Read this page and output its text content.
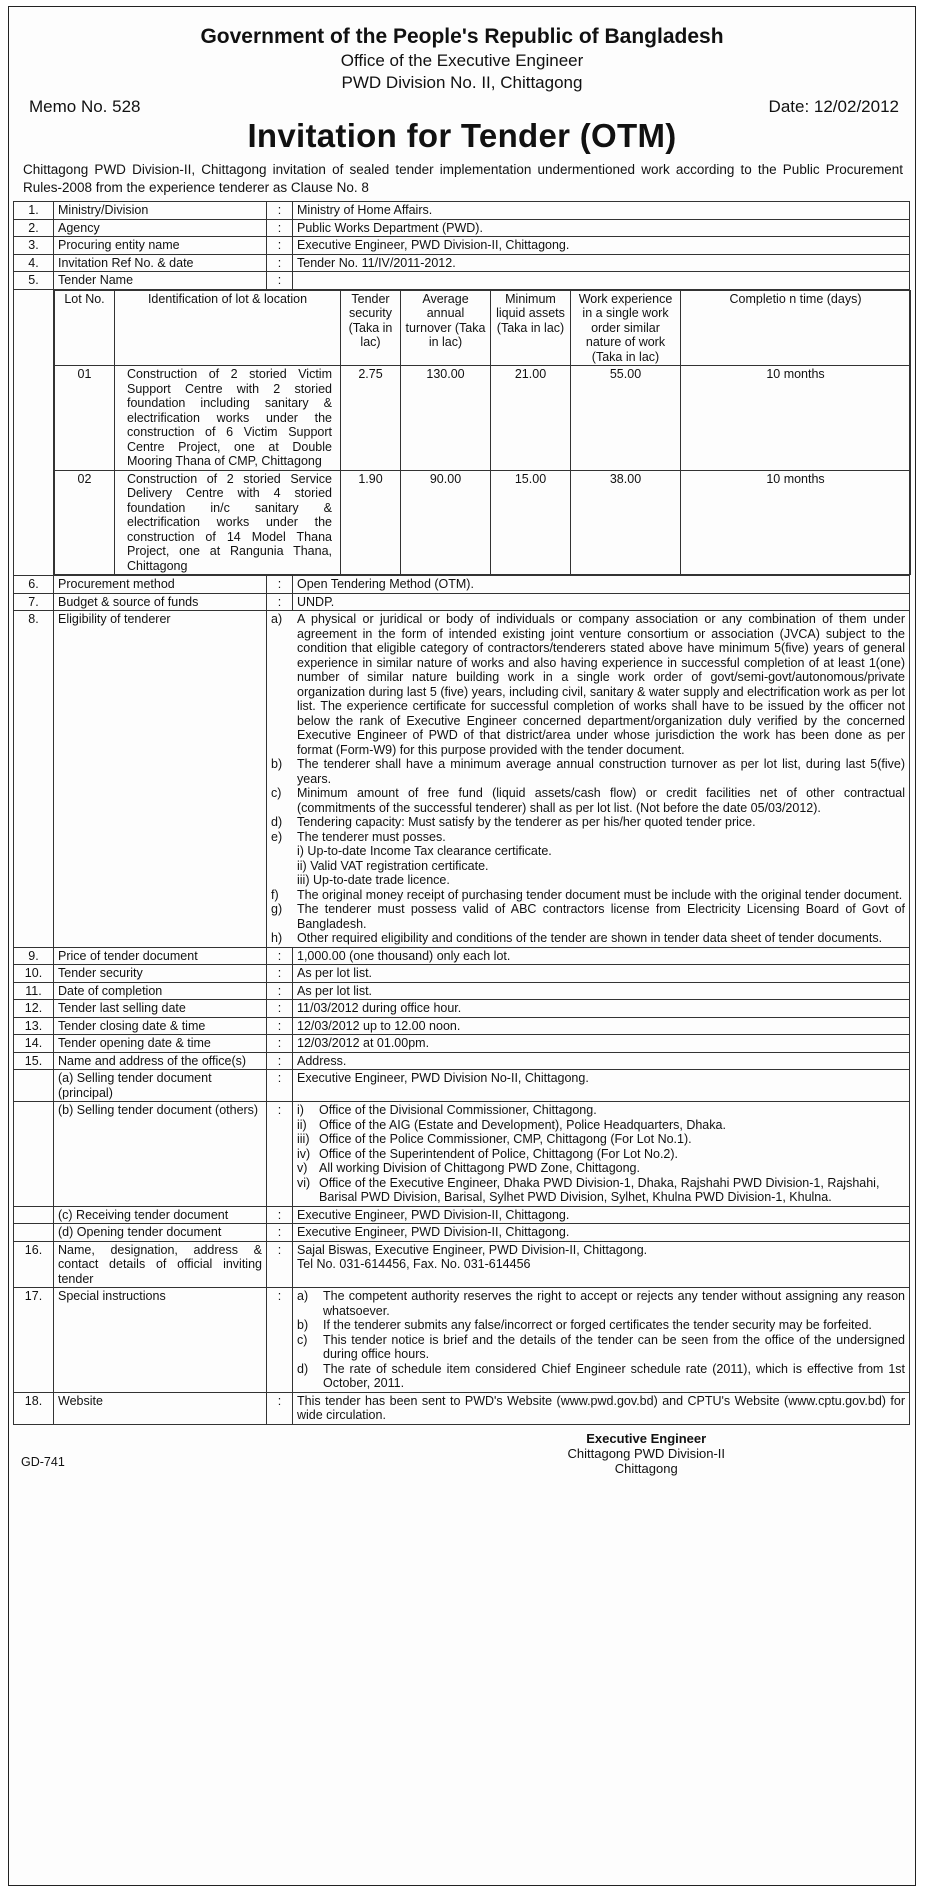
Government of the People's Republic of Bangladesh
Office of the Executive Engineer
PWD Division No. II, Chittagong
Memo No. 528	Date: 12/02/2012
Invitation for Tender (OTM)
Chittagong PWD Division-II, Chittagong invitation of sealed tender implementation undermentioned work according to the Public Procurement Rules-2008 from the experience tenderer as Clause No. 8
1.	Ministry/Division	:	Ministry of Home Affairs.
2.	Agency	:	Public Works Department (PWD).
3.	Procuring entity name	:	Executive Engineer, PWD Division-II, Chittagong.
4.	Invitation Ref No. & date	:	Tender No. 11/IV/2011-2012.
5.	Tender Name	:	

Lot No.	Identification of lot & location	Tender security (Taka in lac)	Average annual turnover (Taka in lac)	Minimum liquid assets (Taka in lac)	Work experience in a single work order similar nature of work (Taka in lac)	Completio n time (days)
01	Construction of 2 storied Victim Support Centre with 2 storied foundation including sanitary & electrification works under the construction of 6 Victim Support Centre Project, one at Double Mooring Thana of CMP, Chittagong	2.75	130.00	21.00	55.00	10 months
02	Construction of 2 storied Service Delivery Centre with 4 storied foundation in/c sanitary & electrification works under the construction of 14 Model Thana Project, one at Rangunia Thana, Chittagong	1.90	90.00	15.00	38.00	10 months

6.	Procurement method	:	Open Tendering Method (OTM).
7.	Budget & source of funds	:	UNDP.
8.	Eligibility of tenderer	a)	A physical or juridical or body of individuals or company association or any combination of them under agreement in the form of intended existing joint venture consortium or association (JVCA) subject to the condition that eligible category of contractors/tenderers stated above have minimum 5(five) years of general experience in similar nature of works and also having experience in successful completion of at least 1(one) number of similar nature building work in a single work order of govt/semi-govt/autonomous/private organization during last 5 (five) years, including civil, sanitary & water supply and electrification work as per lot list. The experience certificate for successful completion of works shall have to be issued by the officer not below the rank of Executive Engineer concerned department/organization duly verified by the concerned Executive Engineer of PWD of that district/area under whose jurisdiction the work has been done as per format (Form-W9) for this purpose provided with the tender document.
b)	The tenderer shall have a minimum average annual construction turnover as per lot list, during last 5(five) years.
c)	Minimum amount of free fund (liquid assets/cash flow) or credit facilities net of other contractual (commitments of the successful tenderer) shall as per lot list. (Not before the date 05/03/2012).
d)	Tendering capacity: Must satisfy by the tenderer as per his/her quoted tender price.
e)	The tenderer must posses.
i) Up-to-date Income Tax clearance certificate.
ii) Valid VAT registration certificate.
iii) Up-to-date trade licence.
f)	The original money receipt of purchasing tender document must be include with the original tender document.
g)	The tenderer must possess valid of ABC contractors license from Electricity Licensing Board of Govt of Bangladesh.
h)	Other required eligibility and conditions of the tender are shown in tender data sheet of tender documents.

9.	Price of tender document	:	1,000.00 (one thousand) only each lot.
10.	Tender security	:	As per lot list.
11.	Date of completion	:	As per lot list.
12.	Tender last selling date	:	11/03/2012 during office hour.
13.	Tender closing date & time	:	12/03/2012 up to 12.00 noon.
14.	Tender opening date & time	:	12/03/2012 at 01.00pm.
15.	Name and address of the office(s)	:	Address.
	(a) Selling tender document (principal)	:	Executive Engineer, PWD Division No-II, Chittagong.
	(b) Selling tender document (others)	:	i)	Office of the Divisional Commissioner, Chittagong.
ii) Office of the AIG (Estate and Development), Police Headquarters, Dhaka.
iii) Office of the Police Commissioner, CMP, Chittagong (For Lot No.1).
iv) Office of the Superintendent of Police, Chittagong (For Lot No.2).
v) All working Division of Chittagong PWD Zone, Chittagong.
vi) Office of the Executive Engineer, Dhaka PWD Division-1, Dhaka, Rajshahi PWD Division-1, Rajshahi, Barisal PWD Division, Barisal, Sylhet PWD Division, Sylhet, Khulna PWD Division-1, Khulna.

	(c) Receiving tender document	:	Executive Engineer, PWD Division-II, Chittagong.
	(d) Opening tender document	:	Executive Engineer, PWD Division-II, Chittagong.
16.	Name, designation, address & contact details of official inviting tender	:	Sajal Biswas, Executive Engineer, PWD Division-II, Chittagong.
Tel No. 031-614456, Fax. No. 031-614456

17.	Special instructions	:	a)	The competent authority reserves the right to accept or rejects any tender without assigning any reason whatsoever.
b)	If the tenderer submits any false/incorrect or forged certificates the tender security may be forfeited.
c)	This tender notice is brief and the details of the tender can be seen from the office of the undersigned during office hours.
d)	The rate of schedule item considered Chief Engineer schedule rate (2011), which is effective from 1st October, 2011.

18.	Website	:	This tender has been sent to PWD's Website (www.pwd.gov.bd) and CPTU's Website (www.cptu.gov.bd) for wide circulation.
Executive Engineer
Chittagong PWD Division-II
Chittagong
GD-741
